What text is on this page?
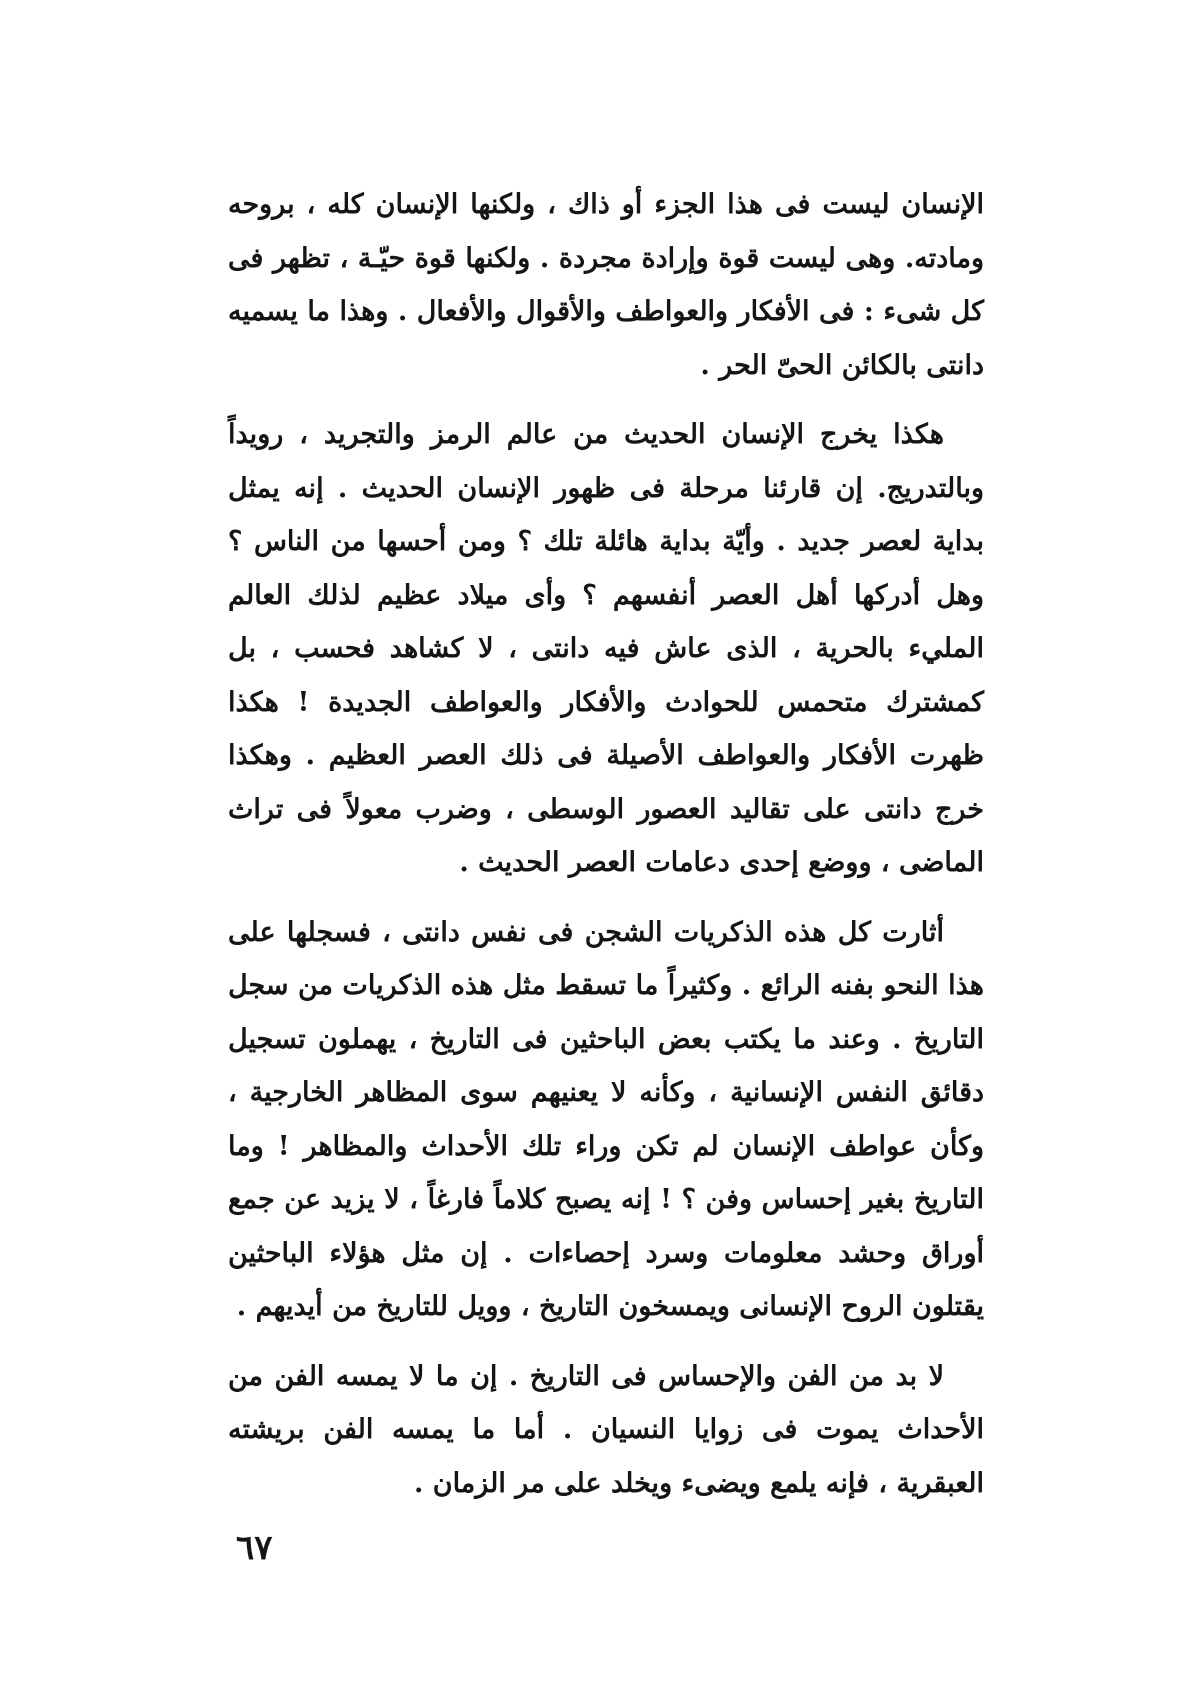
الإنسان ليست فى هذا الجزء أو ذاك ، ولكنها الإنسان كله ، بروحه ومادته. وهى ليست قوة وإرادة مجردة . ولكنها قوة حيّـة ، تظهر فى كل شىء : فى الأفكار والعواطف والأقوال والأفعال . وهذا ما يسميه دانتى بالكائن الحىّ الحر .

هكذا يخرج الإنسان الحديث من عالم الرمز والتجريد ، رويداً وبالتدريج. إن قارئنا مرحلة فى ظهور الإنسان الحديث . إنه يمثل بداية لعصر جديد . وأيّة بداية هائلة تلك ؟ ومن أحسها من الناس ؟ وهل أدركها أهل العصر أنفسهم ؟ وأى ميلاد عظيم لذلك العالم المليء بالحرية ، الذى عاش فيه دانتى ، لا كشاهد فحسب ، بل كمشترك متحمس للحوادث والأفكار والعواطف الجديدة ! هكذا ظهرت الأفكار والعواطف الأصيلة فى ذلك العصر العظيم . وهكذا خرج دانتى على تقاليد العصور الوسطى ، وضرب معولاً فى تراث الماضى ، ووضع إحدى دعامات العصر الحديث .

أثارت كل هذه الذكريات الشجن فى نفس دانتى ، فسجلها على هذا النحو بفنه الرائع . وكثيراً ما تسقط مثل هذه الذكريات من سجل التاريخ . وعند ما يكتب بعض الباحثين فى التاريخ ، يهملون تسجيل دقائق النفس الإنسانية ، وكأنه لا يعنيهم سوى المظاهر الخارجية ، وكأن عواطف الإنسان لم تكن وراء تلك الأحداث والمظاهر ! وما التاريخ بغير إحساس وفن ؟ ! إنه يصبح كلاماً فارغاً ، لا يزيد عن جمع أوراق وحشد معلومات وسرد إحصاءات . إن مثل هؤلاء الباحثين يقتلون الروح الإنسانى ويمسخون التاريخ ، وويل للتاريخ من أيديهم .

لا بد من الفن والإحساس فى التاريخ . إن ما لا يمسه الفن من الأحداث يموت فى زوايا النسيان . أما ما يمسه الفن بريشته العبقرية ، فإنه يلمع ويضىء ويخلد على مر الزمان .

٦٧
